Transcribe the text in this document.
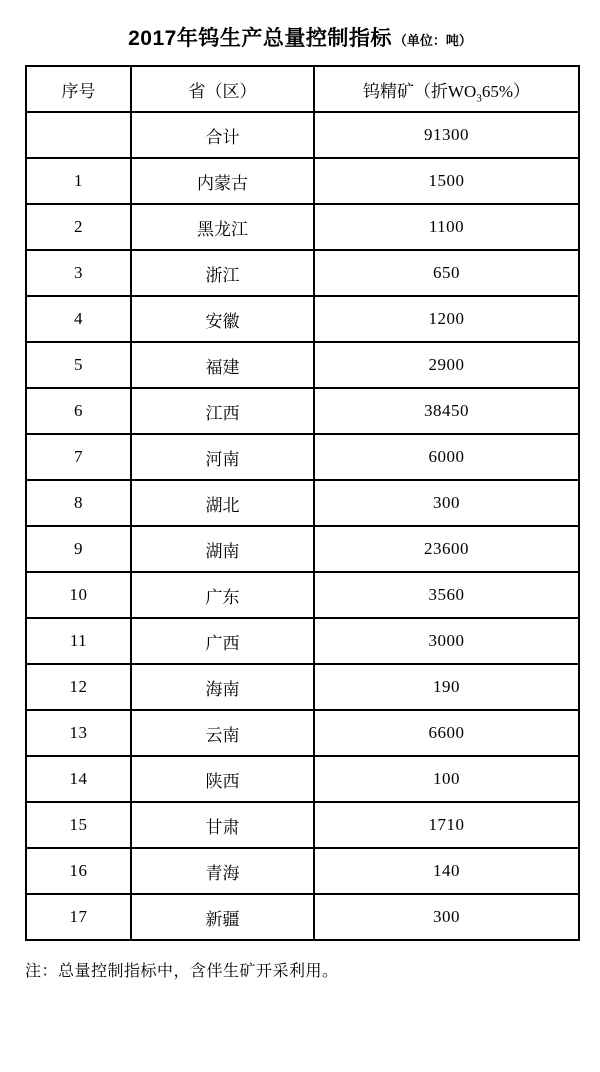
2017年钨生产总量控制指标 （单位：吨）
序号	省（区）	钨精矿（折$WO_365\%$）
	合计	91300
1	内蒙古	1500
2	黑龙江	1100
3	浙江	650
4	安徽	1200
5	福建	2900
6	江西	38450
7	河南	6000
8	湖北	300
9	湖南	23600
10	广东	3560
11	广西	3000
12	海南	190
13	云南	6600
14	陕西	100
15	甘肃	1710
16	青海	140
17	新疆	300
注：总量控制指标中，含伴生矿开采利用。
